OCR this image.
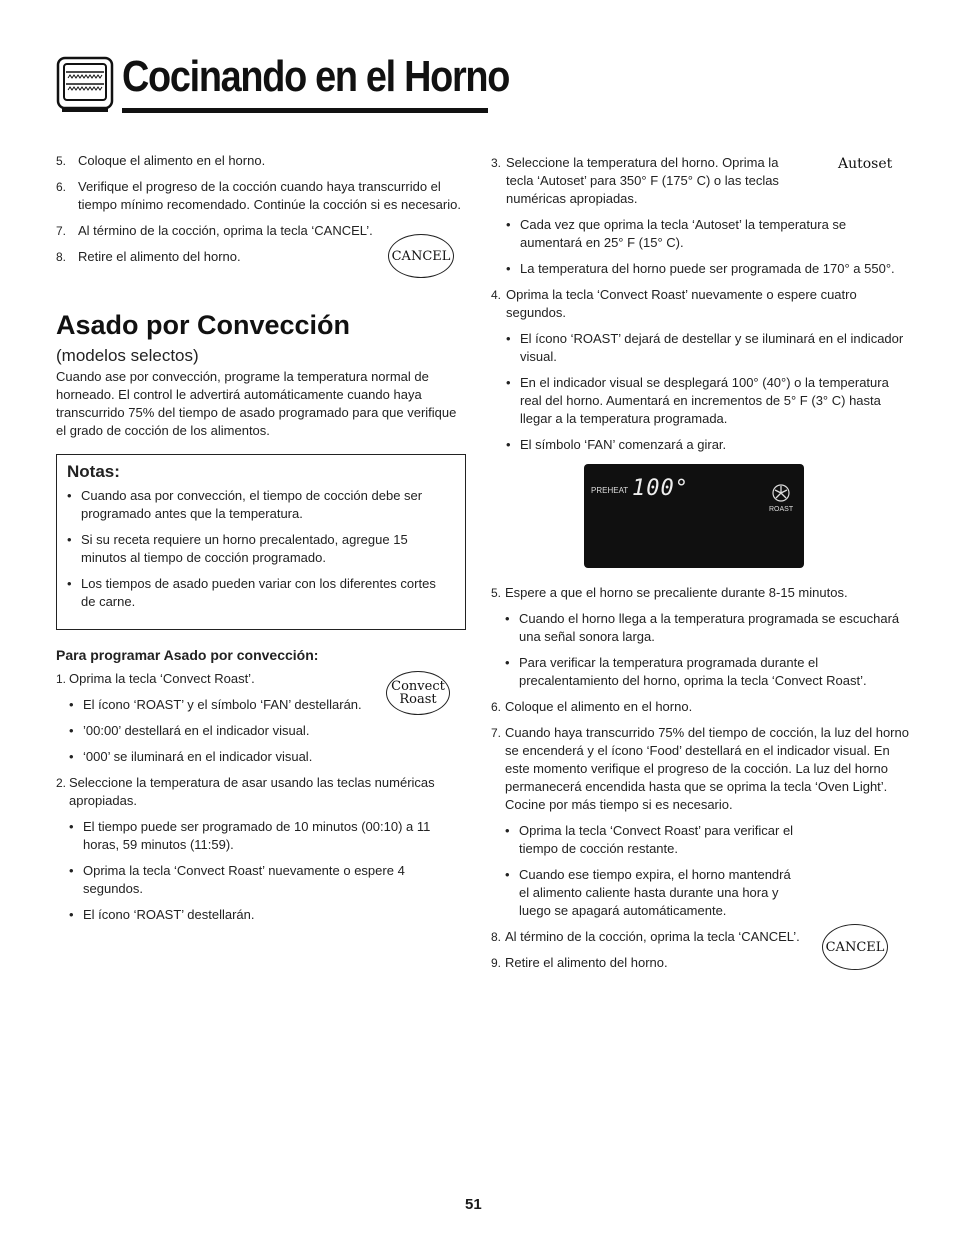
Cocinando en el Horno
5. Coloque el alimento en el horno.
6. Verifique el progreso de la cocción cuando haya transcurrido el tiempo mínimo recomendado. Continúe la cocción si es necesario.
7. Al término de la cocción, oprima la tecla ‘CANCEL’.
8. Retire el alimento del horno.
Asado por Convección
(modelos selectos)

Cuando ase por convección, programe la temperatura normal de horneado. El control le advertirá automáticamente cuando haya transcurrido 75% del tiempo de asado programado para que verifique el grado de cocción de los alimentos.

Notas:
• Cuando asa por convección, el tiempo de cocción debe ser programado antes que la temperatura.
• Si su receta requiere un horno precalentado, agregue 15 minutos al tiempo de cocción programado.
• Los tiempos de asado pueden variar con los diferentes cortes de carne.
Para programar Asado por convección:
1. Oprima la tecla ‘Convect Roast’.
• El ícono ‘ROAST’ y el símbolo ‘FAN’ destellarán.
• ’00:00’ destellará en el indicador visual.
• ‘000’ se iluminará en el indicador visual.
2. Seleccione la temperatura de asar usando las teclas numéricas apropiadas.
• El tiempo puede ser programado de 10 minutos (00:10) a 11 horas, 59 minutos (11:59).
• Oprima la tecla ‘Convect Roast’ nuevamente o espere 4 segundos.
• El ícono ‘ROAST’ destellarán.
CANCEL
Convect
Roast
3. Seleccione la temperatura del horno. Oprima la tecla ‘Autoset’ para 350° F (175° C) o las teclas numéricas apropiadas.
• Cada vez que oprima la tecla ‘Autoset’ la temperatura se aumentará en 25° F (15° C).
• La temperatura del horno puede ser programada de 170° a 550°.
4. Oprima la tecla ‘Convect Roast’ nuevamente o espere cuatro segundos.
• El ícono ‘ROAST’ dejará de destellar y se iluminará en el indicador visual.
• En el indicador visual se desplegará 100° (40°) o la temperatura real del horno. Aumentará en incrementos de 5° F (3° C) hasta llegar a la temperatura programada.
• El símbolo ‘FAN’ comenzará a girar.
Autoset
PREHEAT 100°
ROAST
5. Espere a que el horno se precaliente durante 8-15 minutos.
• Cuando el horno llega a la temperatura programada se escuchará una señal sonora larga.
• Para verificar la temperatura programada durante el precalentamiento del horno, oprima la tecla ‘Convect Roast’.
6. Coloque el alimento en el horno.
7. Cuando haya transcurrido 75% del tiempo de cocción, la luz del horno se encenderá y el ícono ‘Food’ destellará en el indicador visual. En este momento verifique el progreso de la cocción. La luz del horno permanecerá encendida hasta que se oprima la tecla ‘Oven Light’. Cocine por más tiempo si es necesario.
• Oprima la tecla ‘Convect Roast’ para verificar el tiempo de cocción restante.
• Cuando ese tiempo expira, el horno mantendrá el alimento caliente hasta durante una hora y luego se apagará automáticamente.
8. Al término de la cocción, oprima la tecla ‘CANCEL’.
9. Retire el alimento del horno.
CANCEL
51
